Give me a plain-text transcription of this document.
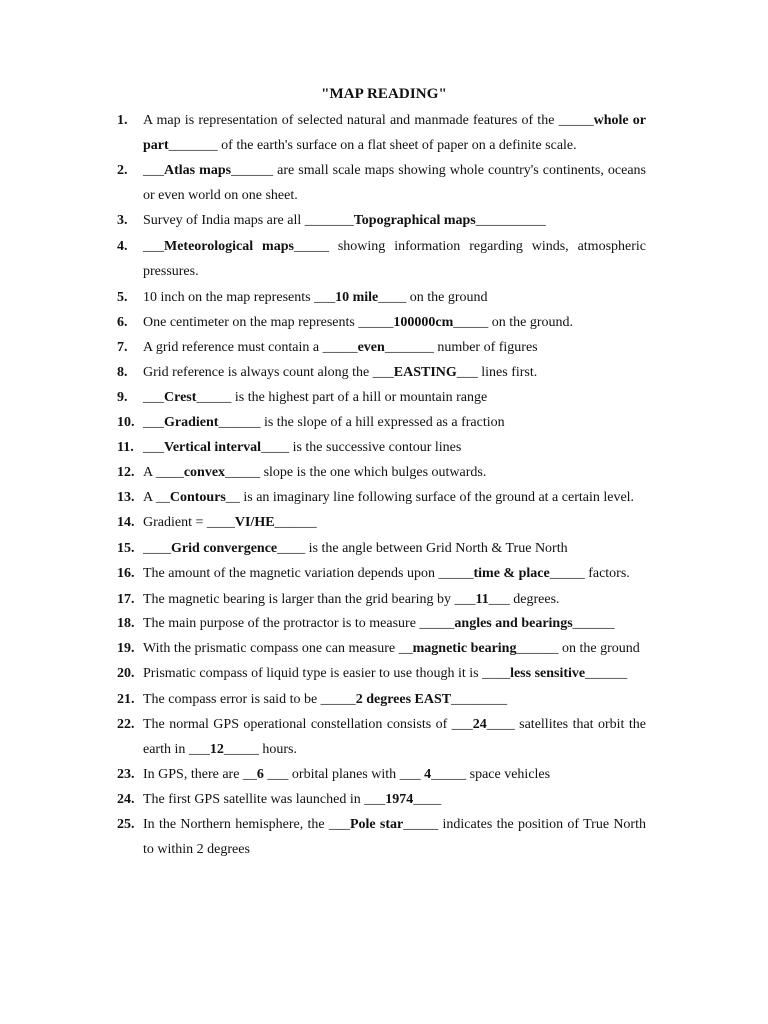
"MAP READING"
1. A map is representation of selected natural and manmade features of the _____whole or part_______ of the earth's surface on a flat sheet of paper on a definite scale.
2. ___Atlas maps______ are small scale maps showing whole country's continents, oceans or even world on one sheet.
3. Survey of India maps are all _______Topographical maps__________
4. ___Meteorological maps_____ showing information regarding winds, atmospheric pressures.
5. 10 inch on the map represents ___10 mile____ on the ground
6. One centimeter on the map represents _____100000cm_____ on the ground.
7. A grid reference must contain a _____even_______ number of figures
8. Grid reference is always count along the ___EASTING___ lines first.
9. ___Crest_____ is the highest part of a hill or mountain range
10. ___Gradient______ is the slope of a hill expressed as a fraction
11. ___Vertical interval____ is the successive contour lines
12. A ____convex_____ slope is the one which bulges outwards.
13. A __Contours__ is an imaginary line following surface of the ground at a certain level.
14. Gradient = ____VI/HE______
15. ____Grid convergence____ is the angle between Grid North & True North
16. The amount of the magnetic variation depends upon _____time & place_____ factors.
17. The magnetic bearing is larger than the grid bearing by ___11___ degrees.
18. The main purpose of the protractor is to measure _____angles and bearings______
19. With the prismatic compass one can measure __magnetic bearing______ on the ground
20. Prismatic compass of liquid type is easier to use though it is ____less sensitive______
21. The compass error is said to be _____2 degrees EAST________
22. The normal GPS operational constellation consists of ___24____ satellites that orbit the earth in ___12_____ hours.
23. In GPS, there are __6 ___ orbital planes with ___ 4_____ space vehicles
24. The first GPS satellite was launched in ___1974____
25. In the Northern hemisphere, the ___Pole star_____ indicates the position of True North to within 2 degrees
